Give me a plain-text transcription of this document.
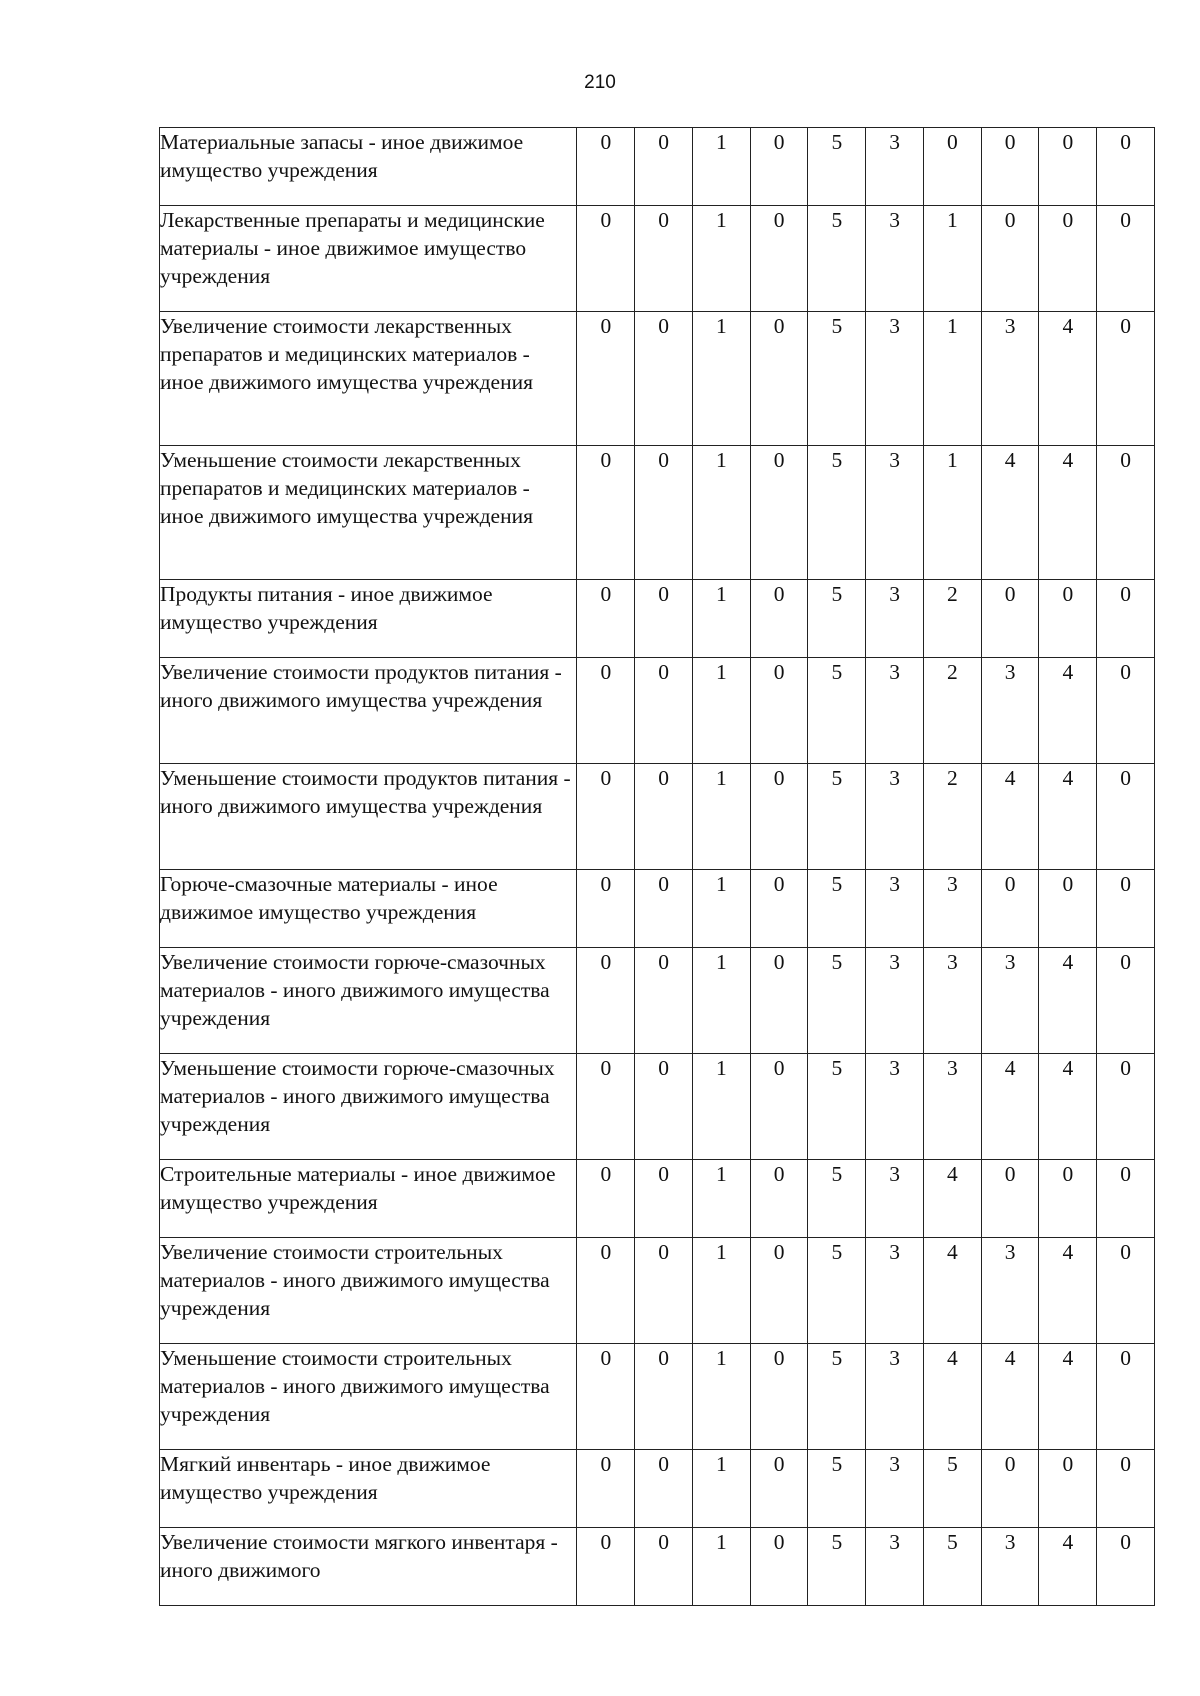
210
Материальные запасы - иное движимое имущество учреждения	0	0	1	0	5	3	0	0	0	0
Лекарственные препараты и медицинские материалы - иное движимое имущество учреждения	0	0	1	0	5	3	1	0	0	0
Увеличение стоимости лекарственных препаратов и медицинских материалов - иное движимого имущества учреждения	0	0	1	0	5	3	1	3	4	0
Уменьшение стоимости лекарственных препаратов и медицинских материалов - иное движимого имущества учреждения	0	0	1	0	5	3	1	4	4	0
Продукты питания - иное движимое имущество учреждения	0	0	1	0	5	3	2	0	0	0
Увеличение стоимости продуктов питания - иного движимого имущества учреждения	0	0	1	0	5	3	2	3	4	0
Уменьшение стоимости продуктов питания - иного движимого имущества учреждения	0	0	1	0	5	3	2	4	4	0
Горюче-смазочные материалы - иное движимое имущество учреждения	0	0	1	0	5	3	3	0	0	0
Увеличение стоимости горюче-смазочных материалов - иного движимого имущества учреждения	0	0	1	0	5	3	3	3	4	0
Уменьшение стоимости горюче-смазочных материалов - иного движимого имущества учреждения	0	0	1	0	5	3	3	4	4	0
Строительные материалы - иное движимое имущество учреждения	0	0	1	0	5	3	4	0	0	0
Увеличение стоимости строительных материалов - иного движимого имущества учреждения	0	0	1	0	5	3	4	3	4	0
Уменьшение стоимости строительных материалов - иного движимого имущества учреждения	0	0	1	0	5	3	4	4	4	0
Мягкий инвентарь - иное движимое имущество учреждения	0	0	1	0	5	3	5	0	0	0
Увеличение стоимости мягкого инвентаря - иного движимого	0	0	1	0	5	3	5	3	4	0
